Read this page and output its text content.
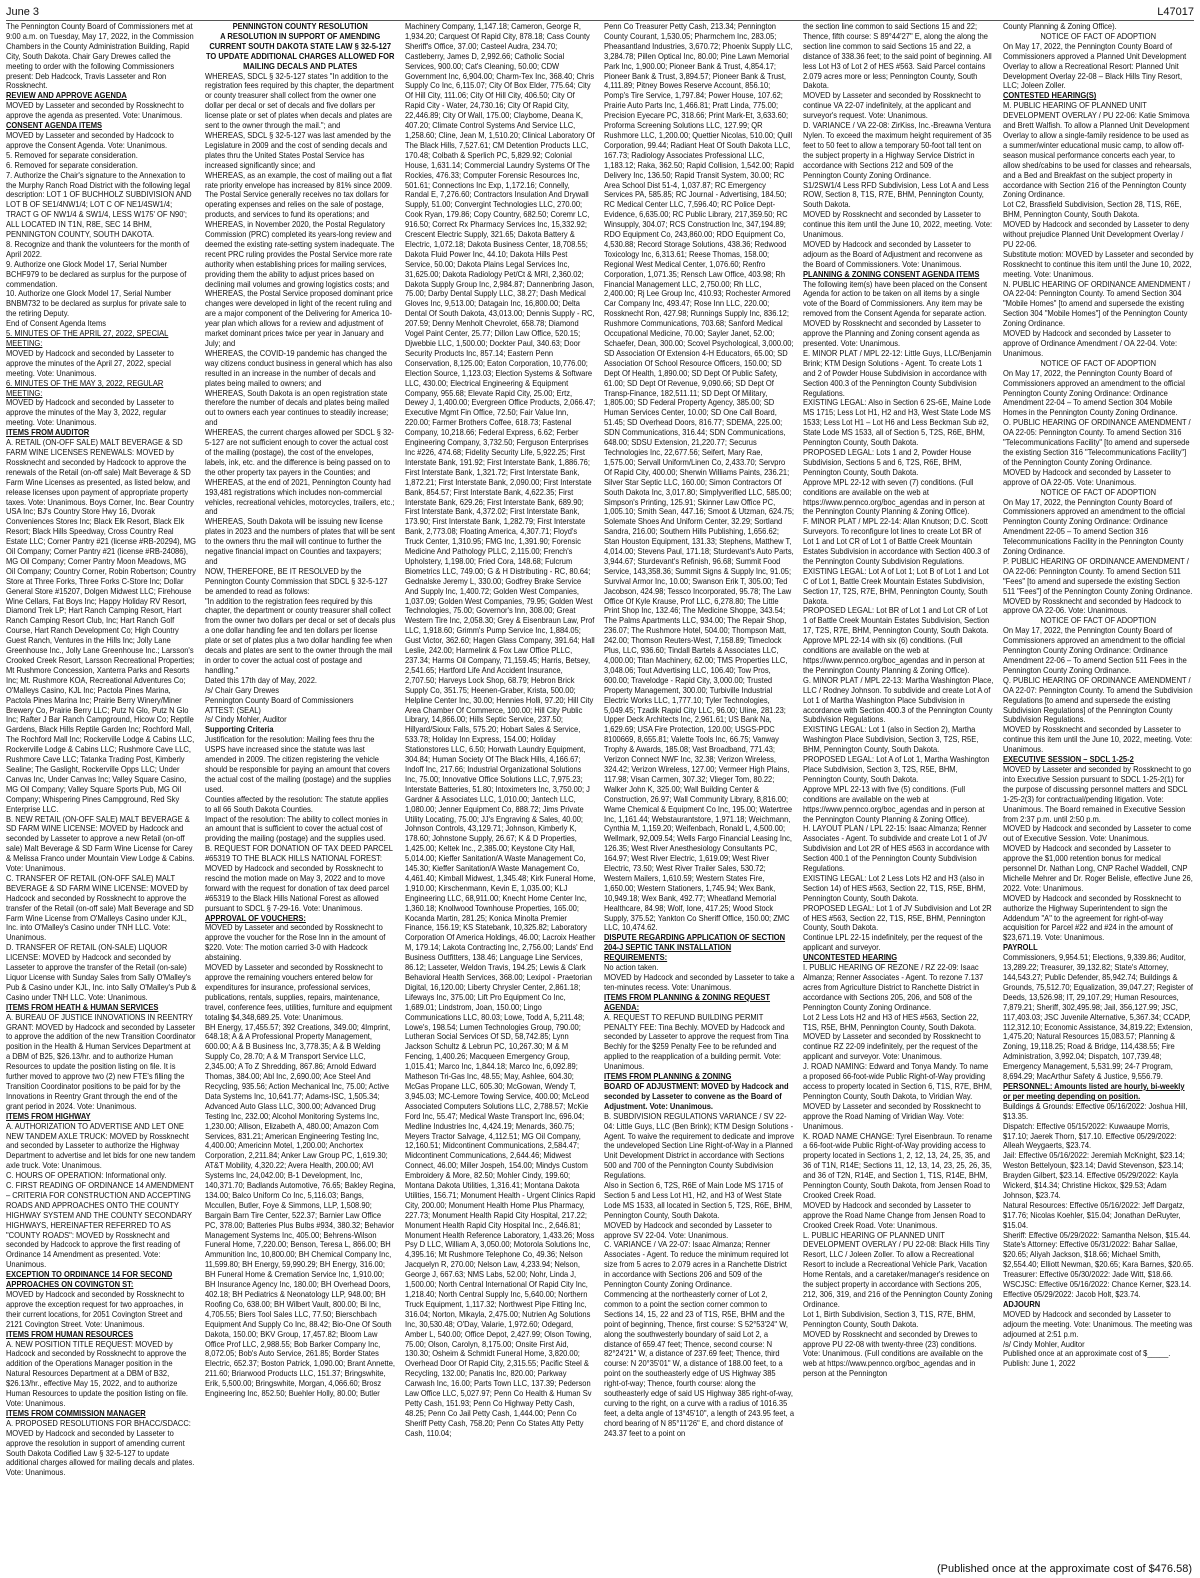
June 3	L47017

The Pennington County Board of Commissioners met at 9:00 a.m. on Tuesday, May 17, 2022, in the Commission Chambers in the County Administration Building, Rapid City, South Dakota. Chair Gary Drewes called the meeting to order with the following Commissioners present: Deb Hadcock, Travis Lasseter and Ron Rossknecht.

REVIEW AND APPROVE AGENDA

MOVED by Lasseter and seconded by Rossknecht to approve the agenda as presented. Vote: Unanimous.

CONSENT AGENDA ITEMS

MOVED by Lasseter and seconded by Hadcock to approve the Consent Agenda. Vote: Unanimous.

5. Removed for separate consideration.

6. Removed for separate consideration.

7. Authorize the Chair's signature to the Annexation to the Murphy Ranch Road District with the following legal description: LOT 1 OF BUCHHOLZ SUBDIVISION AND LOT B OF SE1/4NW1/4; LOT C OF NE1/4SW1/4; TRACT G OF NW1/4 & SW1/4, LESS W175' OF N90'; ALL LOCATED IN T1N, R8E, SEC 14 BHM, PENNINGTON COUNTY, SOUTH DAKOTA.

8. Recognize and thank the volunteers for the month of April 2022.

9. Authorize one Glock Model 17, Serial Number BCHF979 to be declared as surplus for the purpose of commendation.

10. Authorize one Glock Model 17, Serial Number BNBM732 to be declared as surplus for private sale to the retiring Deputy.

End of Consent Agenda Items

5. MINUTES OF THE APRIL 27, 2022, SPECIAL MEETING:

MOVED by Hadcock and seconded by Lasseter to approve the minutes of the April 27, 2022, special meeting. Vote: Unanimous.

6. MINUTES OF THE MAY 3, 2022, REGULAR MEETING:

MOVED by Hadcock and seconded by Lasseter to approve the minutes of the May 3, 2022, regular meeting. Vote: Unanimous.

ITEMS FROM AUDITOR

A. RETAIL (ON-OFF SALE) MALT BEVERAGE & SD FARM WINE LICENSES RENEWALS: MOVED by Rossknecht and seconded by Hadcock to approve the renewals of the Retail (on-off sale) Malt Beverage & SD Farm Wine Licenses as presented, as listed below, and release licenses upon payment of appropriate property taxes. Vote: Unanimous. Boys Corner, Inc. Bear Country USA Inc; BJ's Country Store Hwy 16, Dvorak Conveniences Stores Inc; Black Elk Resort, Black Elk Resort; Black Hills Speedway, Cross Country Real Estate LLC; Corner Pantry #21 (license #RB-20294), MG Oil Company; Corner Pantry #21 (license #RB-24086), MG Oil Company; Corner Pantry Moon Meadows, MG Oil Company; Country Corner, Robin Robertson; Country Store at Three Forks, Three Forks C-Store Inc; Dollar General Store #15207, Dolgen Midwest LLC; Firehouse Wine Cellars, Fat Boys Inc; Happy Holiday RV Resort, Diamond Trek LP; Hart Ranch Camping Resort, Hart Ranch Camping Resort Club, Inc; Hart Ranch Golf Course, Hart Ranch Development Co; High Country Guest Ranch, Ventures in the Hills Inc; Jolly Lane Greenhouse Inc., Jolly Lane Greenhouse Inc.; Larsson's Crooked Creek Resort, Larsson Recreational Properties; Mt Rushmore Concession, Xanterra Parks and Resorts Inc; Mt. Rushmore KOA, Recreational Adventures Co; O'Malleys Casino, KJL Inc; Pactola Pines Marina, Pactola Pines Marina Inc; Prairie Berry Winery/Miner Brewery Co, Prairie Berry LLC; Putz N Glo, Putz N Glo Inc; Rafter J Bar Ranch Campground, Hicow Co; Reptile Gardens, Black Hills Reptile Garden Inc; Rochford Mall, The Rochford Mall Inc; Rockerville Lodge & Cabins LLC, Rockerville Lodge & Cabins LLC; Rushmore Cave LLC, Rushmore Cave LLC; Tatanka Trading Post, Kimberly Sealine; The Gaslight, Rockerville Opps LLC; Under Canvas Inc, Under Canvas Inc; Valley Square Casino, MG Oil Company; Valley Square Sports Pub, MG Oil Company; Whispering Pines Campground, Red Sky Enterprise LLC.

B. NEW RETAIL (ON-OFF SALE) MALT BEVERAGE & SD FARM WINE LICENSE: MOVED by Hadcock and seconded by Lasseter to approve a new Retail (on-off sale) Malt Beverage & SD Farm Wine License for Carey & Melissa Franco under Mountain View Lodge & Cabins. Vote: Unanimous.

C. TRANSFER OF RETAIL (ON-OFF SALE) MALT BEVERAGE & SD FARM WINE LICENSE: MOVED by Hadcock and seconded by Rossknecht to approve the transfer of the Retail (on-off sale) Malt Beverage and SD Farm Wine License from O'Malleys Casino under KJL, Inc. into O'Malley's Casino under TNH LLC. Vote: Unanimous.

D. TRANSFER OF RETAIL (ON-SALE) LIQUOR LICENSE: MOVED by Hadcock and seconded by Lasseter to approve the transfer of the Retail (on-sale) Liquor License with Sunday Sales from Sally O'Malley's Pub & Casino under KJL, Inc. into Sally O'Malley's Pub & Casino under TNH LLC. Vote: Unanimous.

ITEMS FROM HEATH & HUMAN SERVICES

A. BUREAU OF JUSTICE INNOVATIONS IN REENTRY GRANT: MOVED by Hadcock and seconded by Lasseter to approve the addition of the new Transition Coordinator position in the Health & Human Services Department at a DBM of B25, $26.13/hr. and to authorize Human Resources to update the position listing on file. It is further moved to approve two (2) new FTE's filling the Transition Coordinator positions to be paid for by the Innovations in Reentry Grant through the end of the grant period in 2024. Vote: Unanimous.

ITEMS FROM HIGHWAY

A. AUTHORIZATION TO ADVERTISE AND LET ONE NEW TANDEM AXLE TRUCK: MOVED by Rossknecht and seconded by Lasseter to authorize the Highway Department to advertise and let bids for one new tandem axle truck. Vote: Unanimous.

C. HOURS OF OPERATION: Informational only.

C. FIRST READING OF ORDINANCE 14 AMENDMENT – CRITERIA FOR CONSTRUCTION AND ACCEPTING ROADS AND APPROACHES ONTO THE COUNTY HIGHWAY SYSTEM AND THE COUNTY SECONDARY HIGHWAYS, HEREINAFTER REFERRED TO AS "COUNTY ROADS": MOVED by Rossknecht and seconded by Hadcock to approve the first reading of Ordinance 14 Amendment as presented. Vote: Unanimous.

EXCEPTION TO ORDINANCE 14 FOR SECOND APPROACHES ON COVINGTON ST:

MOVED by Hadcock and seconded by Rossknecht to approve the exception request for two approaches, in their current locations, for 2051 Covington Street and 2121 Covington Street. Vote: Unanimous.

ITEMS FROM HUMAN RESOURCES

A. NEW POSITION TITLE REQUEST: MOVED by Hadcock and seconded by Rossknecht to approve the addition of the Operations Manager position in the Natural Resources Department at a DBM of B32, $26.13/hr., effective May 15, 2022, and to authorize Human Resources to update the position listing on file. Vote: Unanimous.

ITEMS FROM COMMISSION MANAGER

A. PROPOSED RESOLUTIONS FOR BHACC/SDACC: MOVED by Hadcock and seconded by Lasseter to approve the resolution in support of amending current South Dakota Codified Law § 32-5-127 to update additional charges allowed for mailing decals and plates. Vote: Unanimous.

PENNINGTON COUNTY RESOLUTION

A RESOLUTION IN SUPPORT OF AMENDING CURRENT SOUTH DAKOTA STATE LAW § 32-5-127 TO UPDATE ADDITIONAL CHARGES ALLOWED FOR MAILING DECALS AND PLATES

WHEREAS, SDCL § 32-5-127 states "In addition to the registration fees required by this chapter, the department or county treasurer shall collect from the owner one dollar per decal or set of decals and five dollars per license plate or set of plates when decals and plates are sent to the owner through the mail."; and

WHEREAS, SDCL § 32-5-127 was last amended by the Legislature in 2009 and the cost of sending decals and plates thru the United States Postal Service has increased significantly since; and

WHEREAS, as an example, the cost of mailing out a flat rate priority envelope has increased by 81% since 2009. The Postal Service generally receives no tax dollars for operating expenses and relies on the sale of postage, products, and services to fund its operations; and

WHEREAS, in November 2020, the Postal Regulatory Commission (PRC) completed its years-long review and deemed the existing rate-setting system inadequate. The recent PRC ruling provides the Postal Service more rate authority when establishing prices for mailing services, providing them the ability to adjust prices based on declining mail volumes and growing logistics costs; and

WHEREAS, the Postal Service proposed dominant price changes were developed in light of the recent ruling and are a major component of the Delivering for America 10-year plan which allows for a review and adjustment of market dominant prices twice per year in January and July; and

WHEREAS, the COVID-19 pandemic has changed the way citizens conduct business in general which has also resulted in an increase in the number of decals and plates being mailed to owners; and

WHEREAS, South Dakota is an open registration state therefore the number of decals and plates being mailed out to owners each year continues to steadily increase; and

WHEREAS, the current charges allowed per SDCL § 32-5-127 are not sufficient enough to cover the actual cost of the mailing (postage), the cost of the envelopes, labels, ink, etc. and the difference is being passed on to the other property tax payers in the Counties; and

WHEREAS, at the end of 2021, Pennington County had 193,481 registrations which includes non-commercial vehicles, recreational vehicles, motorcycles, trailers, etc.; and

WHEREAS, South Dakota will be issuing new license plates in 2023 and the numbers of plates that will be sent to the owners thru the mail will continue to further the negative financial impact on Counties and taxpayers; and

NOW, THEREFORE, BE IT RESOLVED by the Pennington County Commission that SDCL § 32-5-127 be amended to read as follows:

"In addition to the registration fees required by this chapter, the department or county treasurer shall collect from the owner two dollars per decal or set of decals plus a one dollar handling fee and ten dollars per license plate or set of plates plus a two dollar handling fee when decals and plates are sent to the owner through the mail in order to cover the actual cost of postage and handling."

Dated this 17th day of May, 2022.

/s/ Chair Gary Drewes

Pennington County Board of Commissioners

ATTEST: (SEAL)

/s/ Cindy Mohler, Auditor

Supporting Criteria

Justification for the resolution: Mailing fees thru the USPS have increased since the statute was last amended in 2009. The citizen registering the vehicle should be responsible for paying an amount that covers the actual cost of the mailing (postage) and the supplies used.

Counties affected by the resolution: The statute applies to all 66 South Dakota Counties.

Impact of the resolution: The ability to collect monies in an amount that is sufficient to cover the actual cost of providing the mailing (postage) and the supplies used.

B. REQUEST FOR DONATION OF TAX DEED PARCEL #65319 TO THE BLACK HILLS NATIONAL FOREST: MOVED by Hadcock and seconded by Rossknecht to rescind the motion made on May 3, 2022 and to move forward with the request for donation of tax deed parcel #65319 to the Black Hills National Forest as allowed pursuant to SDCL § 7-29-16. Vote: Unanimous.

APPROVAL OF VOUCHERS:

MOVED by Lasseter and seconded by Rossknecht to approve the voucher for the Rose Inn in the amount of $220. Vote: The motion carried 3-0 with Hadcock abstaining.

MOVED by Lasseter and seconded by Rossknecht to approve the remaining vouchers entered below for expenditures for insurance, professional services, publications, rentals, supplies, repairs, maintenance, travel, conference fees, utilities, furniture and equipment totaling $4,348,689.25. Vote: Unanimous.

BH Energy, 17,455.57; 392 Creations, 349.00; 4Imprint, 648.18; A & A Professional Property Management, 600.00; A & B Business Inc, 3,778.35; A & B Welding Supply Co, 28.70; A & M Transport Service LLC, 2,345.00; A To Z Shredding, 867.86; Arnold Edward Thomas, 384.00; Abl Inc, 2,690.00; Ace Steel And Recycling, 935.56; Action Mechanical Inc, 75.00; Active Data Systems Inc, 10,641.77; Adams-ISC, 1,505.34; Advanced Auto Glass LLC, 300.00; Advanced Drug Testing Inc, 232.00; Alcohol Monitoring Systems Inc, 1,230.00; Allison, Elizabeth A, 480.00; Amazon Com Services, 831.21; American Engineering Testing Inc, 4,400.00; Americinn Motel, 1,200.00; Anchortex Corporation, 2,211.84; Anker Law Group PC, 1,619.30; AT&T Mobility, 4,320.22; Avera Health, 200.00; AVI Systems Inc, 24,042.00; B-1 Development, Inc, 140,371.70; Badlands Automotive, 76.65; Bakley Regina, 134.00; Balco Uniform Co Inc, 5,116.03; Bangs, Mccullen, Butler, Foye & Simmons, LLP, 1,508.90; Bargain Barn Tire Center, 522.37; Barnier Law Office PC, 378.00; Batteries Plus Bulbs #934, 380.32; Behavior Management Systems Inc, 405.00; Behrens-Wilson Funeral Home, 7,220.00; Benson, Teresa L, 866.00; BH Ammunition Inc, 10,800.00; BH Chemical Company Inc, 11,599.80; BH Energy, 59,990.29; BH Energy, 316.00; BH Funeral Home & Cremation Service Inc, 1,910.00; BH Insurance Agency Inc, 180.00; BH Overhead Doors, 402.18; BH Pediatrics & Neonatology LLP, 948.00; BH Roofing Co, 638.00; BH Wilbert Vault, 800.00; Bi Inc, 4,705.55; Biers Tool Sales LLC, 77.50; Bierschbach Equipment And Supply Co Inc, 88.42; Bio-One Of South Dakota, 150.00; BKV Group, 17,457.82; Bloom Law Office Prof LLC, 2,988.55; Bob Barker Company Inc, 8,072.05; Bob's Auto Service, 261.85; Border States Electric, 652.37; Boston Patrick, 1,090.00; Brant Annette, 211.60; Briarwood Products LLC, 151.37; Bringswhite, Erik, 5,500.00; Bringswhite, Morgan, 4,066.60; Brosz Engineering Inc, 852.50; Buehler Holly, 80.00; Butler

Machinery Company, 1,147.18; Cameron, George R, 1,934.20; Carquest Of Rapid City, 878.18; Cass County Sheriff's Office, 37.00; Casteel Audra, 234.70; Castleberry, James D, 2,992.66; Catholic Social Services, 900.00; Cat's Cleaning, 50.00; CDW Government Inc, 6,904.00; Charm-Tex Inc, 368.40; Chris Supply Co Inc, 6,115.07; City Of Box Elder, 775.64; City Of Hill City, 111.06; City Of Hill City, 406.50; City Of Rapid City - Water, 24,730.16; City Of Rapid City, 22,446.89; City Of Wall, 175.00; Claybome, Deana K, 407.20; Climate Control Systems And Service LLC, 1,258.60; Cline, Jean M, 1,510.20; Clinical Laboratory Of The Black Hills, 7,527.61; CM Detention Products LLC, 170.48; Colbath & Sperlich PC, 5,829.92; Colonial House, 1,631.14; Commercial Laundry Systems Of The Rockies, 476.33; Computer Forensic Resources Inc, 501.61; Connections Inc Exp, 1,172.16; Connelly, Randal E, 7,276.60; Contractors Insulation And Drywall Supply, 51.00; Convergint Technologies LLC, 270.00; Cook Ryan, 179.86; Copy Country, 682.50; Coremr LC, 916.50; Correct Rx Pharmacy Services Inc, 15,332.92; Crescent Electric Supply, 321.65; Dakota Battery & Electric, 1,072.18; Dakota Business Center, 18,708.55; Dakota Fluid Power Inc, 44.10; Dakota Hills Pest Service, 50.00; Dakota Plains Legal Services Inc, 31,625.00; Dakota Radiology Pet/Ct & MRI, 2,360.02; Dakota Supply Group Inc, 2,984.87; Dannenbring Jason, 75.00; Darby Dental Supply LLC, 38.27; Dash Medical Gloves Inc, 9,513.00; Datagain Inc, 16,800.00; Delta Dental Of South Dakota, 43,013.00; Dennis Supply - RC, 207.59; Denny Menholt Chevrolet, 658.78; Diamond Vogel Paint Center, 25.77; Dillon Law Office, 520.15; Djwebbie LLC, 1,500.00; Dockter Paul, 340.63; Door Security Products Inc, 857.14; Eastern Penn Conservation, 8,125.00; Eaton Corporation, 10,776.00; Election Source, 1,123.03; Election Systems & Software LLC, 430.00; Electrical Engineering & Equipment Company, 955.68; Elevate Rapid City, 25.00; Ertz, Dewey J, 1,400.00; Evergreen Office Products, 2,066.47; Executive Mgmt Fin Office, 72.50; Fair Value Inn, 220.00; Farmer Brothers Coffee, 618.73; Fastenal Company, 10,218.66; Federal Express, 6.62; Ferber Engineering Company, 3,732.50; Ferguson Enterprises Inc #226, 474.68; Fidelity Security Life, 5,922.25; First Interstate Bank, 191.92; First Interstate Bank, 1,886.76; First Interstate Bank, 1,321.72; First Interstate Bank, 1,872.21; First Interstate Bank, 2,090.00; First Interstate Bank, 854.57; First Interstate Bank, 4,622.35; First Interstate Bank, 629.26; First Interstate Bank, 689.90; First Interstate Bank, 4,372.02; First Interstate Bank, 173.90; First Interstate Bank, 1,282.79; First Interstate Bank, 2,773.08; Floating America, 4,307.71; Floyd's Truck Center, 1,310.95; FMG Inc, 1,391.90; Forensic Medicine And Pathology PLLC, 2,115.00; French's Upholstery, 1,198.00; Fried Cora, 148.68; Fulcrum Biometrics LLC, 749.00; G & H Distributing - RC, 80.64; Gednalske Jeremy L, 330.00; Godfrey Brake Service And Supply Inc, 1,400.72; Golden West Companies, 1,037.09; Golden West Companies, 79.95; Golden West Technologies, 75.00; Governor's Inn, 308.00; Great Western Tire Inc, 2,058.30; Grey & Eisenbraun Law, Prof LLC, 1,918.60; Grimm's Pump Service Inc, 1,884.05; Gust Victor, 362.60; Hagen Glass Company, 391.64; Hall Leslie, 242.00; Harmelink & Fox Law Office PLLC, 237.34; Harms Oil Company, 71,159.45; Harris, Betsey, 2,541.65; Hartford Life And Accident Insurance, 2,707.50; Harveys Lock Shop, 68.79; Hebron Brick Supply Co, 351.75; Heenen-Graber, Krista, 500.00; Helpline Center Inc, 30.00; Hennies Holli, 97.20; Hill City Area Chamber Of Commerce, 100.00; Hill City Public Library, 14,866.00; Hills Septic Service, 237.50; Hillyard/Sioux Falls, 575.20; Hobart Sales & Service, 533.78; Holiday Inn Express, 154.00; Holiday Stationstores LLC, 6.50; Horwath Laundry Equipment, 304.84; Human Society Of The Black Hills, 4,166.67; Indoff Inc, 217.66; Industrial Organizational Solutions Inc, 75.00; Innovative Office Solutions LLC, 7,975.23; Interstate Batteries, 51.80; Intoximeters Inc, 3,750.00; J Gardner & Associates LLC, 1,010.00; Jantech LLC, 1,080.00; Jenner Equipment Co, 888.72; Jims Private Utility Locating, 75.00; JJ's Engraving & Sales, 40.00; Johnson Controls, 43,129.71; Johnson, Kimberly K, 178.60; Johnstone Supply, 26.67; K & D Properties, 1,425.00; Keltek Inc., 2,385.00; Keystone City Hall, 5,014.00; Kieffer Sanitation/A Waste Management Co, 145.30; Kieffer Sanitation/A Waste Management Co, 4,461.40; Kimball Midwest, 1,345.48; Kirk Funeral Home, 1,910.00; Kirschenmann, Kevin E, 1,035.00; KLJ Engineering LLC, 68,911.00; Knecht Home Center Inc, 1,360.18; Knollwood Townhouse Properties, 165.00; Kocanda Martin, 281.25; Konica Minolta Premier Finance, 156.19; KS Statebank, 10,325.82; Laboratory Corporation Of America Holdings, 46.00; Lacroix Heather M, 179.14; Lakota Contracting Inc, 2,756.00; Lands' End Business Outfitters, 138.46; Language Line Services, 86.12; Lasseter, Weldon Travis, 194.25; Lewis & Clark Behavioral Health Services, 368.00; Lexipol - Praetorian Digital, 16,120.00; Liberty Chrysler Center, 2,861.18; Lifeways Inc, 375.00; Lift Pro Equipment Co Inc, 1,689.01; Lindstrom, Joan, 150.00; Lingo Communications LLC, 80.03; Lowe, Todd A, 5,211.48; Lowe's, 198.54; Lumen Technologies Group, 790.00; Lutheran Social Services Of SD, 58,742.85; Lynn Jackson Schultz & Lebrun PC, 10,267.30; M & M Fencing, 1,400.26; Macqueen Emergency Group, 1,015.41; Marco Inc, 1,844.18; Marco Inc, 6,092.89; Matheson Tri-Gas Inc, 48.55; May, Ashlee, 604.30; McGas Propane LLC, 605.30; McGowan, Wendy T, 3,945.03; MC-Lemore Towing Service, 400.00; McLeod Associated Computers Solutions LLC, 2,788.57; McKie Ford Inc, 55.47; Medical Waste Transport Inc, 696.04; Medline Industries Inc, 4,424.19; Menards, 360.75; Meyers Tractor Salvage, 4,112.51; MG Oil Company, 12,160.51; Midcontinent Communications, 2,584.47; Midcontinent Communications, 2,644.46; Midwest Connect, 46.00; Miller Jospeh, 154.00; Mindys Custom Embroidery & More, 82.50; Mohler Cindy, 199.60; Montana Dakota Utilities, 1,316.41; Montana Dakota Utilities, 156.71; Monument Health - Urgent Clinics Rapid City, 200.00; Monument Health Home Plus Pharmacy, 227.73; Monument Health Rapid City Hospital, 217.22; Monument Health Rapid City Hospital Inc., 2,646.81; Monument Health Reference Laboratory, 1,433.26; Moss Psy D LLC, William A, 3,050.00; Motorola Solutions Inc, 4,395.16; Mt Rushmore Telephone Co, 49.36; Nelson Jacquelyn R, 270.00; Nelson Law, 4,233.94; Nelson, George J, 667.63; NMS Labs, 52.00; Nohr, Linda J, 1,500.00; North Central International Of Rapid City Inc, 1,218.40; North Central Supply Inc, 5,640.00; Northern Truck Equipment, 1,117.32; Northwest Pipe Fitting Inc, 316.04; Norton, Mikayla, 2,475.00; Nutrien Ag Solutions Inc, 30,530.48; O'Day, Valarie, 1,972.60; Odegard, Amber L, 540.00; Office Depot, 2,427.99; Olson Towing, 75.00; Olson, Carolyn, 8,175.00; Onsite First Aid, 130.30; Osheim & Schmidt Funeral Home, 3,820.00; Overhead Door Of Rapid City, 2,315.55; Pacific Steel & Recycling, 132.00; Panatis Inc, 820.00; Parkway Carwash Inc, 16.00; Parts Town LLC, 137.39; Pederson Law Office LLC, 5,027.97; Penn Co Health & Human Sv Petty Cash, 151.93; Penn Co Highway Petty Cash, 48.25; Penn Co Jail Petty Cash, 1,444.00; Penn Co Sheriff Petty Cash, 758.20; Penn Co States Atty Petty Cash, 110.04;

Penn Co Treasurer Petty Cash, 213.34; Pennington County Courant, 1,530.05; Pharmchem Inc, 283.05; Pheasantland Industries, 3,670.72; Phoenix Supply LLC, 3,284.78; Pillen Optical Inc, 80.00; Pine Lawn Memorial Park Inc, 1,900.00; Pioneer Bank & Trust, 4,854.17; Pioneer Bank & Trust, 3,894.57; Pioneer Bank & Trust, 4,111.89; Pitney Bowes Reserve Account, 856.10; Pomp's Tire Service, 1,797.84; Power House, 107.62; Prairie Auto Parts Inc, 1,466.81; Pratt Linda, 775.00; Precision Eyecare PC, 318.66; Print Mark-Et, 3,633.60; Proforma Screening Solutions LLC, 127.99; QR Rushmore LLC, 1,200.00; Quettier Nicolas, 510.00; Quill Corporation, 99.44; Radiant Heat Of South Dakota LLC, 167.73; Radiology Associates Professional LLC, 1,183.12; Raka, 362.50; Rapid Collision, 1,542.00; Rapid Delivery Inc, 136.50; Rapid Transit System, 30.00; RC Area School Dist 51-4, 1,037.87; RC Emergency Services PA, 585.85; RC Journal - Advertising, 184.50; RC Medical Center LLC, 7,596.40; RC Police Dept-Evidence, 6,635.00; RC Public Library, 217,359.50; RC Winsupply, 304.07; RCS Construction Inc, 347,194.89; RDO Equipment Co, 243,860.00; RDO Equipment Co, 4,530.88; Record Storage Solutions, 438.36; Redwood Toxicology Inc, 6,313.61; Reese Thomas, 158.00; Regional West Medical Center, 1,076.60; Renfro Corporation, 1,071.35; Rensch Law Office, 403.98; Rh Financial Management LLC, 2,750.00; Rh LLC, 2,400.00; Rj Lee Group Inc, 410.93; Rochester Armored Car Company Inc, 493.47; Rose Inn LLC, 220.00; Rossknecht Ron, 427.98; Runnings Supply Inc, 836.12; Rushmore Communications, 703.68; Sanford Medical Occupational Medicine, 70.00; Sayler Janet, 52.00; Schaefer, Dean, 300.00; Scovel Psychological, 3,000.00; SD Association Of Extension 4-H Educators, 65.00; SD Association Of School Resource Officers, 150.00; SD Dept Of Health, 1,890.00; SD Dept Of Public Safety, 61.00; SD Dept Of Revenue, 9,090.66; SD Dept Of Transp-Finance, 182,511.11; SD Dept Of Military, 1,805.00; SD Federal Property Agency, 385.00; SD Human Services Center, 10.00; SD One Call Board, 51.45; SD Overhead Doors, 816.77; SDEMA, 225.00; SDN Communications, 316.44; SDN Communications, 648.00; SDSU Extension, 21,220.77; Securus Technologies Inc, 22,677.56; Seifert, Mary Rae, 1,575.00; Servall Uniform/Linen Co, 2,433.70; Servpro Of Rapid City, 400.00; Sherwin Williams Paints, 236.21; Silver Star Septic LLC, 160.00; Simon Contractors Of South Dakota Inc, 3,017.80; Simplyverified LLC, 585.00; Simpson's Printing, 125.91; Skinner Law Office PC, 1,005.10; Smith Sean, 447.16; Smoot & Utzman, 624.75; Solemate Shoes And Uniform Center, 32.29; Sortland Sandra, 216.00; Southern Hills Publishing, 1,656.62; Stan Houston Equipment, 131.33; Stephens, Matthew T, 4,014.00; Stevens Paul, 171.18; Sturdevant's Auto Parts, 3,944.67; Sturdevant's Refinish, 96.68; Summit Food Service, 143,358.36; Summit Signs & Supply Inc, 91.05; Survival Armor Inc, 10.00; Swanson Erik T, 305.00; Ted Jacobson, 424.98; Tessco Incorporated, 95.78; The Law Office Of Kyle Krause, Prof LLC, 6,278.80; The Little Print Shop Inc, 132.46; The Medicine Shoppe, 343.54; The Palms Apartments LLC, 934.00; The Repair Shop, 236.07; The Rushmore Hotel, 504.00; Thompson Matt, 242.00; Thomson Reuters-West, 7,158.89; Timeclock Plus, LLC, 936.60; Tindall Bartels & Associates LLC, 4,000.00; Titan Machinery, 62.00; TMS Properties LLC, 3,048.06; Tout Advertising LLC, 106.40; Tow Pros, 600.00; Travelodge - Rapid City, 3,000.00; Trusted Property Management, 300.00; Turbiville Industrial Electric Works LLC, 1,777.10; Tyler Technologies, 5,049.45; Tzadik Rapid City LLC, 96.00; Uline, 281.23; Upper Deck Architects Inc, 2,961.61; US Bank Na, 1,629.69; USA Fire Protection, 120.00; USGS-PDC 8100669, 8,655.81; Valette Tools Inc, 66.75; Vanway Trophy & Awards, 185.08; Vast Broadband, 771.43; Verizon Connect NWF Inc, 32.38; Verizon Wireless, 324.42; Verizon Wireless, 127.00; Vermeer High Plains, 117.98; Visan Carmen, 307.32; Vlieger Tom, 80.22; Walker John K, 325.00; Wall Building Center & Construction, 26.97; Wall Community Library, 8,816.00; Wame Chemical & Equipment Co Inc, 195.00; Watertree Inc, 1,161.44; Webstaurantstore, 1,971.18; Weichmann, Cynthia M, 1,159.20; Weifenbach, Ronald L, 4,500.00; Wellmark, 92,009.54; Wells Fargo Financial Leasing Inc, 126.35; West River Anesthesiology Consultants PC, 164.97; West River Electric, 1,619.09; West River Electric, 73.50; West River Trailer Sales, 530.72; Western Mailers, 1,610.59; Western States Fire, 1,650.00; Western Stationers, 1,745.94; Wex Bank, 10,949.18; Wex Bank, 492.77; Wheatland Memorial Healthcare, 84.98; Wolf, Ione, 417.25; Wood Stock Supply, 375.52; Yankton Co Sheriff Office, 150.00; ZMC LLC, 10,474.62.

DISPUTE REGARDING APPLICATION OF SECTION 204-J SEPTIC TANK INSTALLATION REQUIREMENTS:

No action taken.

MOVED by Hadcock and seconded by Lasseter to take a ten-minutes recess. Vote: Unanimous.

ITEMS FROM PLANNING & ZONING REQUEST AGENDA:

A. REQUEST TO REFUND BUILDING PERMIT PENALTY FEE: Tina Bechly. MOVED by Hadcock and seconded by Lasseter to approve the request from Tina Bechly for the $259 Penalty Fee to be refunded and applied to the reapplication of a building permit. Vote: Unanimous.

ITEMS FROM PLANNING & ZONING

BOARD OF ADJUSTMENT: MOVED by Hadcock and seconded by Lasseter to convene as the Board of Adjustment. Vote: Unanimous.

B. SUBDIVISION REGULATIONS VARIANCE / SV 22-04: Little Guys, LLC (Ben Brink); KTM Design Solutions - Agent. To waive the requirement to dedicate and improve the undeveloped Section Line Right-of-Way in a Planned Unit Development District in accordance with Sections 500 and 700 of the Pennington County Subdivision Regulations.

Also in Section 6, T2S, R6E of Main Lode MS 1715 of Section 5 and Less Lot H1, H2, and H3 of West State Lode MS 1533, all located in Section 5, T2S, R6E, BHM, Pennington County, South Dakota.

MOVED by Hadcock and seconded by Lasseter to approve SV 22-04. Vote: Unanimous.

C. VARIANCE / VA 22-07: Isaac Almanza; Renner Associates - Agent. To reduce the minimum required lot size from 5 acres to 2.079 acres in a Ranchette District in accordance with Sections 206 and 509 of the Pennington County Zoning Ordinance.

Commencing at the northeasterly corner of Lot 2, common to a point the section corner common to Sections 14, 15, 22 and 23 of T1S, R5E, BHM and the point of beginning, Thence, first course: S 52°53'24" W, along the southwesterly boundary of said Lot 2, a distance of 659.47 feet; Thence, second course: N 82°24'21" W, a distance of 237.69 feet; Thence, third course: N 20°35'01" W, a distance of 188.00 feet, to a point on the southeasterly edge of US Highway 385 right-of-way; Thence, fourth course: along the southeasterly edge of said US Highway 385 right-of-way, curving to the right, on a curve with a radius of 1016.35 feet, a delta angle of 13°45'10", a length of 243.95 feet, a chord bearing of N 85°11'26" E, and chord distance of 243.37 feet to a point on

the section line common to said Sections 15 and 22; Thence, fifth course: S 89°44'27" E, along the along the section line common to said Sections 15 and 22, a distance of 338.36 feet; to the said point of beginning. All less Lot H3 of Lot 2 of HES #563. Said Parcel contains 2.079 acres more or less; Pennington County, South Dakota.

MOVED by Lasseter and seconded by Rossknecht to continue VA 22-07 indefinitely, at the applicant and surveyor's request. Vote: Unanimous.

D. VARIANCE / VA 22-08: ZirKiss, Inc.-Breawna Ventura Nylen. To exceed the maximum height requirement of 35 feet to 50 feet to allow a temporary 50-foot tall tent on the subject property in a Highway Service District in accordance with Sections 212 and 509 of the Pennington County Zoning Ordinance.

S1/2SW1/4 Less RFD Subdivision, Less Lot A and Less ROW, Section 8, T1S, R7E, BHM, Pennington County, South Dakota.

MOVED by Rossknecht and seconded by Lasseter to continue this item until the June 10, 2022, meeting. Vote: Unanimous.

MOVED by Hadcock and seconded by Lasseter to adjourn as the Board of Adjustment and reconvene as the Board of Commissioners. Vote: Unanimous.

PLANNING & ZONING CONSENT AGENDA ITEMS

The following item(s) have been placed on the Consent Agenda for action to be taken on all items by a single vote of the Board of Commissioners. Any item may be removed from the Consent Agenda for separate action.

MOVED by Rossknecht and seconded by Lasseter to approve the Planning and Zoning consent agenda as presented. Vote: Unanimous.

E. MINOR PLAT / MPL 22-12: Little Guys, LLC/Benjamin Brink; KTM Design Solutions - Agent. To create Lots 1 and 2 of Powder House Subdivision in accordance with Section 400.3 of the Pennington County Subdivision Regulations.

EXISTING LEGAL: Also in Section 6 2S-6E, Maine Lode MS 1715; Less Lot H1, H2 and H3, West State Lode MS 1533; Less Lot H1 – Lot H6 and Less Beckman Sub #2, State Lode MS 1533, all of Section 5, T2S, R6E, BHM, Pennington County, South Dakota.

PROPOSED LEGAL: Lots 1 and 2, Powder House Subdivision, Sections 5 and 6, T2S, R6E, BHM, Pennington County, South Dakota.

Approve MPL 22-12 with seven (7) conditions. (Full conditions are available on the web at https://www.pennco.org/boc_agendas and in person at the Pennington County Planning & Zoning Office).

F. MINOR PLAT / MPL 22-14: Allan Knutson; D.C. Scott Surveyors. To reconfigure lot lines to create Lot BR of Lot 1 and Lot CR of Lot 1 of Battle Creek Mountain Estates Subdivision in accordance with Section 400.3 of the Pennington County Subdivision Regulations.

EXISTING LEGAL: Lot A of Lot 1; Lot B of Lot 1 and Lot C of Lot 1, Battle Creek Mountain Estates Subdivision, Section 17, T2S, R7E, BHM, Pennington County, South Dakota.

PROPOSED LEGAL: Lot BR of Lot 1 and Lot CR of Lot 1 of Battle Creek Mountain Estates Subdivision, Section 17, T2S, R7E, BHM, Pennington County, South Dakota.

Approve MPL 22-14 with six (6) conditions. (Full conditions are available on the web at https://www.pennco.org/boc_agendas and in person at the Pennington County Planning & Zoning Office).

G. MINOR PLAT / MPL 22-13: Martha Washington Place, LLC / Rodney Johnson. To subdivide and create Lot A of Lot 1 of Martha Washington Place Subdivision in accordance with Section 400.3 of the Pennington County Subdivision Regulations.

EXISTING LEGAL: Lot 1 (also in Section 2), Martha Washington Place Subdivision, Section 3, T2S, R5E, BHM, Pennington County, South Dakota.

PROPOSED LEGAL: Lot A of Lot 1, Martha Washington Place Subdivision, Section 3, T2S, R5E, BHM, Pennington County, South Dakota.

Approve MPL 22-13 with five (5) conditions. (Full conditions are available on the web at https://www.pennco.org/boc_agendas and in person at the Pennington County Planning & Zoning Office).

H. LAYOUT PLAN / LPL 22-15: Isaac Almanza; Renner Associates - Agent. To subdivide and create Lot 1 of JV Subdivision and Lot 2R of HES #563 in accordance with Section 400.1 of the Pennington County Subdivision Regulations.

EXISTING LEGAL: Lot 2 Less Lots H2 and H3 (also in Section 14) of HES #563, Section 22, T1S, R5E, BHM, Pennington County, South Dakota.

PROPOSED LEGAL: Lot 1 of JV Subdivision and Lot 2R of HES #563, Section 22, T1S, R5E, BHM, Pennington County, South Dakota.

Continue LPL 22-15 indefinitely, per the request of the applicant and surveyor.

UNCONTESTED HEARING

I. PUBLIC HEARING OF REZONE / RZ 22-09: Isaac Almanza; Renner Associates - Agent. To rezone 7.137 acres from Agriculture District to Ranchette District in accordance with Sections 205, 206, and 508 of the Pennington County Zoning Ordinance.

Lot 2 Less Lots H2 and H3 of HES #563, Section 22, T1S, R5E, BHM, Pennington County, South Dakota.

MOVED by Lasseter and seconded by Rossknecht to continue RZ 22-09 indefinitely, per the request of the applicant and surveyor. Vote: Unanimous.

J. ROAD NAMING: Edward and Tonya Mandy. To name a proposed 66-foot-wide Public Right-of-Way providing access to property located in Section 6, T1S, R7E, BHM, Pennington County, South Dakota, to Viridian Way.

MOVED by Lasseter and seconded by Rossknecht to approve the Road Naming of Viridian Way. Vote: Unanimous.

K. ROAD NAME CHANGE: Tyrel Eisenbraun. To rename a 66-foot-wide Public Right-of-Way providing access to property located in Sections 1, 2, 12, 13, 24, 25, 35, and 36 of T1N, R14E; Sections 11, 12, 13, 14, 23, 25, 26, 35, and 36 of T2N, R14E, and Section 1, T1S, R14E, BHM, Pennington County, South Dakota, from Jensen Road to Crooked Creek Road.

MOVED by Hadcock and seconded by Lasseter to approve the Road Name Change from Jensen Road to Crooked Creek Road. Vote: Unanimous.

L. PUBLIC HEARING OF PLANNED UNIT DEVELOPMENT OVERLAY / PU 22-08: Black Hills Tiny Resort, LLC / Joleen Zoller. To allow a Recreational Resort to include a Recreational Vehicle Park, Vacation Home Rentals, and a caretaker/manager's residence on the subject property in accordance with Sections 205, 212, 306, 319, and 216 of the Pennington County Zoning Ordinance.

Lot 1, Birth Subdivision, Section 3, T1S, R7E, BHM, Pennington County, South Dakota.

MOVED by Rossknecht and seconded by Drewes to approve PU 22-08 with twenty-three (23) conditions. Vote: Unanimous. (Full conditions are available on the web at https://www.pennco.org/boc_agendas and in person at the Pennington

County Planning & Zoning Office).

NOTICE OF FACT OF ADOPTION

On May 17, 2022, the Pennington County Board of Commissioners approved a Planned Unit Development Overlay to allow a Recreational Resort: Planned Unit Development Overlay 22-08 – Black Hills Tiny Resort, LLC; Joleen Zoller.

CONTESTED HEARING(S)

M. PUBLIC HEARING OF PLANNED UNIT DEVELOPMENT OVERLAY / PU 22-06: Katie Smimova and Brett Walfish. To allow a Planned Unit Development Overlay to allow a single-family residence to be used as a summer/winter educational music camp, to allow off-season musical performance concerts each year, to allow shed/cabins to be used for classes and rehearsals, and a Bed and Breakfast on the subject property in accordance with Section 216 of the Pennington County Zoning Ordinance.

Lot C2, Brassfield Subdivision, Section 28, T1S, R6E, BHM, Pennington County, South Dakota.

MOVED by Hadcock and seconded by Lasseter to deny without prejudice Planned Unit Development Overlay / PU 22-06.

Substitute motion: MOVED by Lasseter and seconded by Rossknecht to continue this item until the June 10, 2022, meeting. Vote: Unanimous.

N. PUBLIC HEARING OF ORDINANCE AMENDMENT / OA 22-04: Pennington County. To amend Section 304 "Mobile Homes" [to amend and supersede the existing Section 304 "Mobile Homes"] of the Pennington County Zoning Ordinance.

MOVED by Hadcock and seconded by Lasseter to approve of Ordinance Amendment / OA 22-04. Vote: Unanimous.

NOTICE OF FACT OF ADOPTION

On May 17, 2022, the Pennington County Board of Commissioners approved an amendment to the official Pennington County Zoning Ordinance: Ordinance Amendment 22-04 – To amend Section 304 Mobile Homes in the Pennington County Zoning Ordinance.

O. PUBLIC HEARING OF ORDINANCE AMENDMENT / OA 22-05: Pennington County. To amend Section 316 "Telecommunications Facility" [to amend and supersede the existing Section 316 "Telecommunications Facility"] of the Pennington County Zoning Ordinance.

MOVED by Hadcock and seconded by Lasseter to approve of OA 22-05. Vote: Unanimous.

NOTICE OF FACT OF ADOPTION

On May 17, 2022, the Pennington County Board of Commissioners approved an amendment to the official Pennington County Zoning Ordinance: Ordinance Amendment 22-05 – To amend Section 316 Telecommunications Facility in the Pennington County Zoning Ordinance.

P. PUBLIC HEARING OF ORDINANCE AMENDMENT / OA 22-06: Pennington County. To amend Section 511 "Fees" [to amend and supersede the existing Section 511 "Fees"] of the Pennington County Zoning Ordinance.

MOVED by Rossknecht and seconded by Hadcock to approve OA 22-06. Vote: Unanimous.

NOTICE OF FACT OF ADOPTION

On May 17, 2022, the Pennington County Board of Commissioners approved an amendment to the official Pennington County Zoning Ordinance: Ordinance Amendment 22-06 – To amend Section 511 Fees in the Pennington County Zoning Ordinance.

Q. PUBLIC HEARING OF ORDINANCE AMENDMENT / OA 22-07: Pennington County. To amend the Subdivision Regulations [to amend and supersede the existing Subdivision Regulations] of the Pennington County Subdivision Regulations.

MOVED by Rossknecht and seconded by Lasseter to continue this item until the June 10, 2022, meeting. Vote: Unanimous.

EXECUTIVE SESSION – SDCL 1-25-2

MOVED by Lasseter and seconded by Rossknecht to go into Executive Session pursuant to SDCL 1-25-2(1) for the purpose of discussing personnel matters and SDCL 1-25-2(3) for contractual/pending litigation. Vote: Unanimous. The Board remained in Executive Session from 2:37 p.m. until 2:50 p.m.

MOVED by Hadcock and seconded by Lasseter to come out of Executive Session. Vote: Unanimous.

MOVED by Hadcock and seconded by Lasseter to approve the $1,000 retention bonus for medical personnel Dr. Nathan Long, CNP Rachel Waddell, CNP Michelle Mehrer and Dr. Roger Belisle, effective June 26, 2022. Vote: Unanimous.

MOVED by Hadcock and seconded by Rossknecht to authorize the Highway Superintendent to sign the Addendum "A" to the agreement for right-of-way acquisition for Parcel #22 and #24 in the amount of $23,671.19. Vote: Unanimous.

PAYROLL

Commissioners, 9,954.51; Elections, 9,339.86; Auditor, 13,289.22; Treasurer, 39,132.82; State's Attorney, 144,543.27; Public Defender, 85,942.74; Buildings & Grounds, 75,512.70; Equalization, 39,047.27; Register of Deeds, 13,526.98; IT, 29,107.29; Human Resources, 7,879.21; Sheriff, 302,495.98; Jail, 356,127.99; JSC, 117,403.03; JSC Juvenile Alternative, 5,367.34; CCADP, 112,312.10; Economic Assistance, 34,819.22; Extension, 1,475.20; Natural Resources 15,083.57; Planning & Zoning, 19,118.25; Road & Bridge, 114,438.55; Fire Administration, 3,992.04; Dispatch, 107,739.48; Emergency Management, 5,531.99; 24-7 Program, 8,694.29; MacArthur Safety & Justice, 9,556.79.

PERSONNEL: Amounts listed are hourly, bi-weekly or per meeting depending on position.

Buildings & Grounds: Effective 05/16/2022: Joshua Hill, $13.35.

Dispatch: Effective 05/15/2022: Kuwaaupe Morris, $17.10; Jaerek Thorn, $17.10. Effective 05/29/2022: Alleah Weygaerts, $23.74.

Jail: Effective 05/16/2022: Jeremiah McKnight, $23.14; Weston Bettelyoun, $23.14; David Stevenson, $23.14; Brayden Gilbert, $23.14. Effective 05/29/2022: Kayla Wickerd, $14.34; Christine Hickox, $29.53; Adam Johnson, $23.74.

Natural Resources: Effective 05/16/2022: Jeff Dargatz, $17.76; Nicolas Koehler, $15.04; Jonathan DeRuyter, $15.04.

Sheriff: Effective 05/29/2022: Samantha Nelson, $15.44.

State's Attorney: Effective 05/31/2022: Bahar Sallae, $20.65; Aliyah Jackson, $18.66; Michael Smith, $2,554.40; Elliott Newman, $20.65; Kara Barnes, $20.65.

Treasurer: Effective 05/30/2022: Jade Witt, $18.66.

WSCJSC: Effective 05/16/2022: Chance Kerner, $23.14. Effective 05/29/2022: Jacob Holt, $23.74.

ADJOURN

MOVED by Hadcock and seconded by Lasseter to adjourn the meeting. Vote: Unanimous. The meeting was adjourned at 2:51 p.m.

/s/ Cindy Mohler, Auditor

Published once at an approximate cost of $_____.

Publish: June 1, 2022

(Published once at the approximate cost of $476.58)
